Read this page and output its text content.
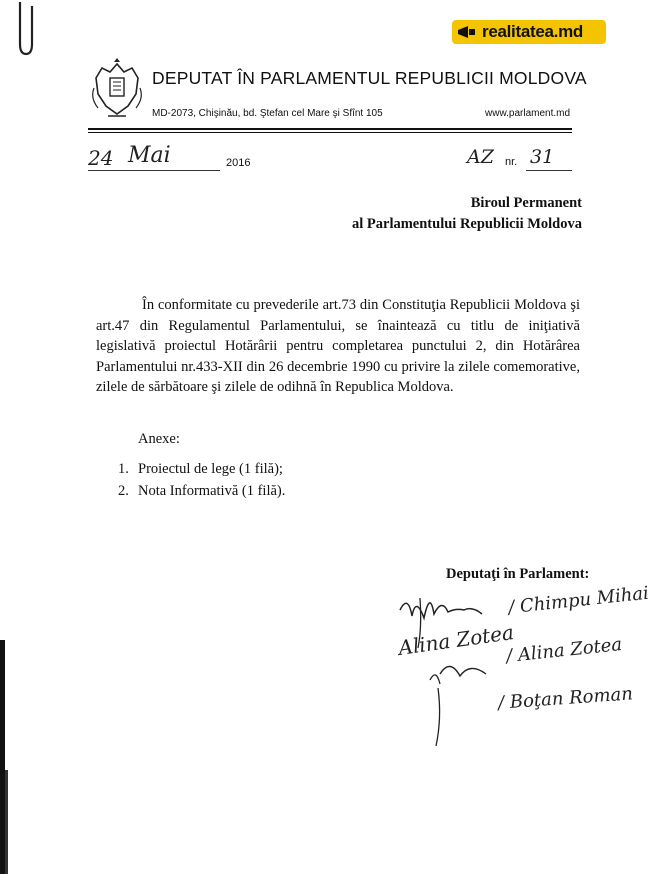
realitatea.md
DEPUTAT ÎN PARLAMENTUL REPUBLICII MOLDOVA
MD-2073, Chişinău, bd. Ştefan cel Mare şi Sfînt 105	www.parlament.md
24 Mai	2016	AZ nr. 31
Biroul Permanent
al Parlamentului Republicii Moldova
În conformitate cu prevederile art.73 din Constituţia Republicii Moldova şi art.47 din Regulamentul Parlamentului, se înaintează cu titlu de iniţiativă legislativă proiectul Hotărârii pentru completarea punctului 2, din Hotărârea Parlamentului nr.433-XII din 26 decembrie 1990 cu privire la zilele comemorative, zilele de sărbătoare şi zilele de odihnă în Republica Moldova.
Anexe:
1. Proiectul de lege (1 filă);
2. Nota Informativă (1 filă).
Deputaţi în Parlament:
Alina Zotea
/ Chimpu Mihai
/ Alina Zotea
/ Boţan Roman
